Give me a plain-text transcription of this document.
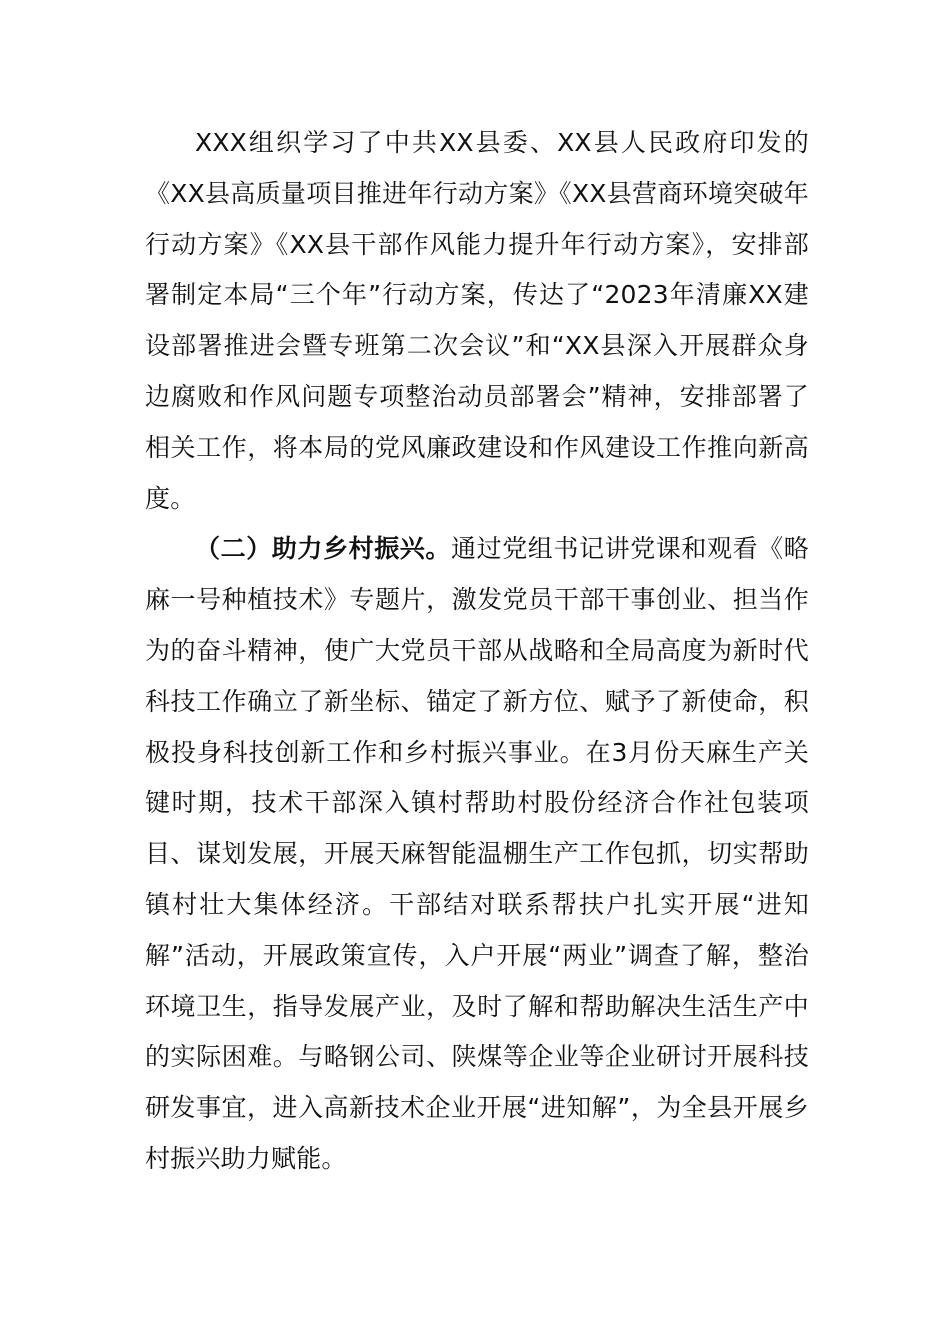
XXX组织学习了中共XX县委、XX县人民政府印发的《XX县高质量项目推进年行动方案》《XX县营商环境突破年行动方案》《XX县干部作风能力提升年行动方案》，安排部署制定本局“三个年”行动方案，传达了“2023年清廉XX建设部署推进会暨专班第二次会议”和“XX县深入开展群众身边腐败和作风问题专项整治动员部署会”精神，安排部署了相关工作，将本局的党风廉政建设和作风建设工作推向新高度。

（二）助力乡村振兴。通过党组书记讲党课和观看《略麻一号种植技术》专题片，激发党员干部干事创业、担当作为的奋斗精神，使广大党员干部从战略和全局高度为新时代科技工作确立了新坐标、锚定了新方位、赋予了新使命，积极投身科技创新工作和乡村振兴事业。在3月份天麻生产关键时期，技术干部深入镇村帮助村股份经济合作社包装项目、谋划发展，开展天麻智能温棚生产工作包抓，切实帮助镇村壮大集体经济。干部结对联系帮扶户扎实开展“进知解”活动，开展政策宣传，入户开展“两业”调查了解，整治环境卫生，指导发展产业，及时了解和帮助解决生活生产中的实际困难。与略钢公司、陕煤等企业等企业研讨开展科技研发事宜，进入高新技术企业开展“进知解”，为全县开展乡村振兴助力赋能。
